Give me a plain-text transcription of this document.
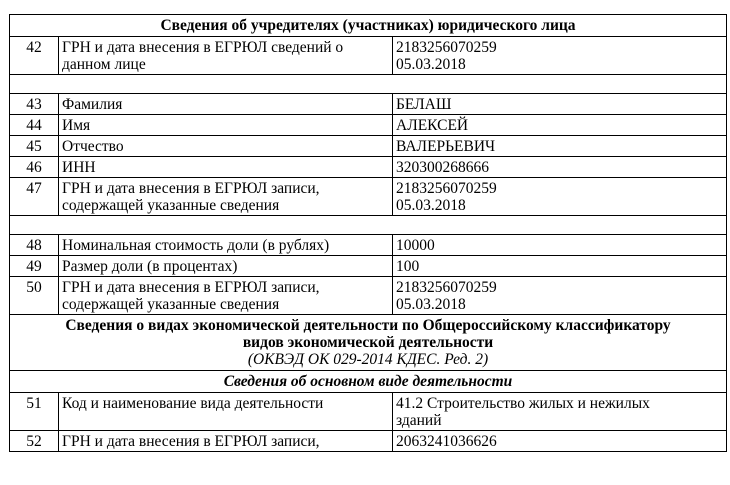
Сведения об учредителях (участниках) юридического лица		
42	ГРН и дата внесения в ЕГРЮЛ сведений о
данном лице	2183256070259
05.03.2018

43	Фамилия	БЕЛАШ
44	Имя	АЛЕКСЕЙ
45	Отчество	ВАЛЕРЬЕВИЧ
46	ИНН	320300268666
47	ГРН и дата внесения в ЕГРЮЛ записи,
содержащей указанные сведения	2183256070259
05.03.2018

48	Номинальная стоимость доли (в рублях)	10000
49	Размер доли (в процентах)	100
50	ГРН и дата внесения в ЕГРЮЛ записи,
содержащей указанные сведения	2183256070259
05.03.2018

Сведения о видах экономической деятельности по Общероссийскому классификатору
видов экономической деятельности
(ОКВЭД ОК 029-2014 КДЕС. Ред. 2)		

Сведения об основном виде деятельности		
51	Код и наименование вида деятельности	41.2 Строительство жилых и нежилых
зданий

52	ГРН и дата внесения в ЕГРЮЛ записи,	2063241036626
